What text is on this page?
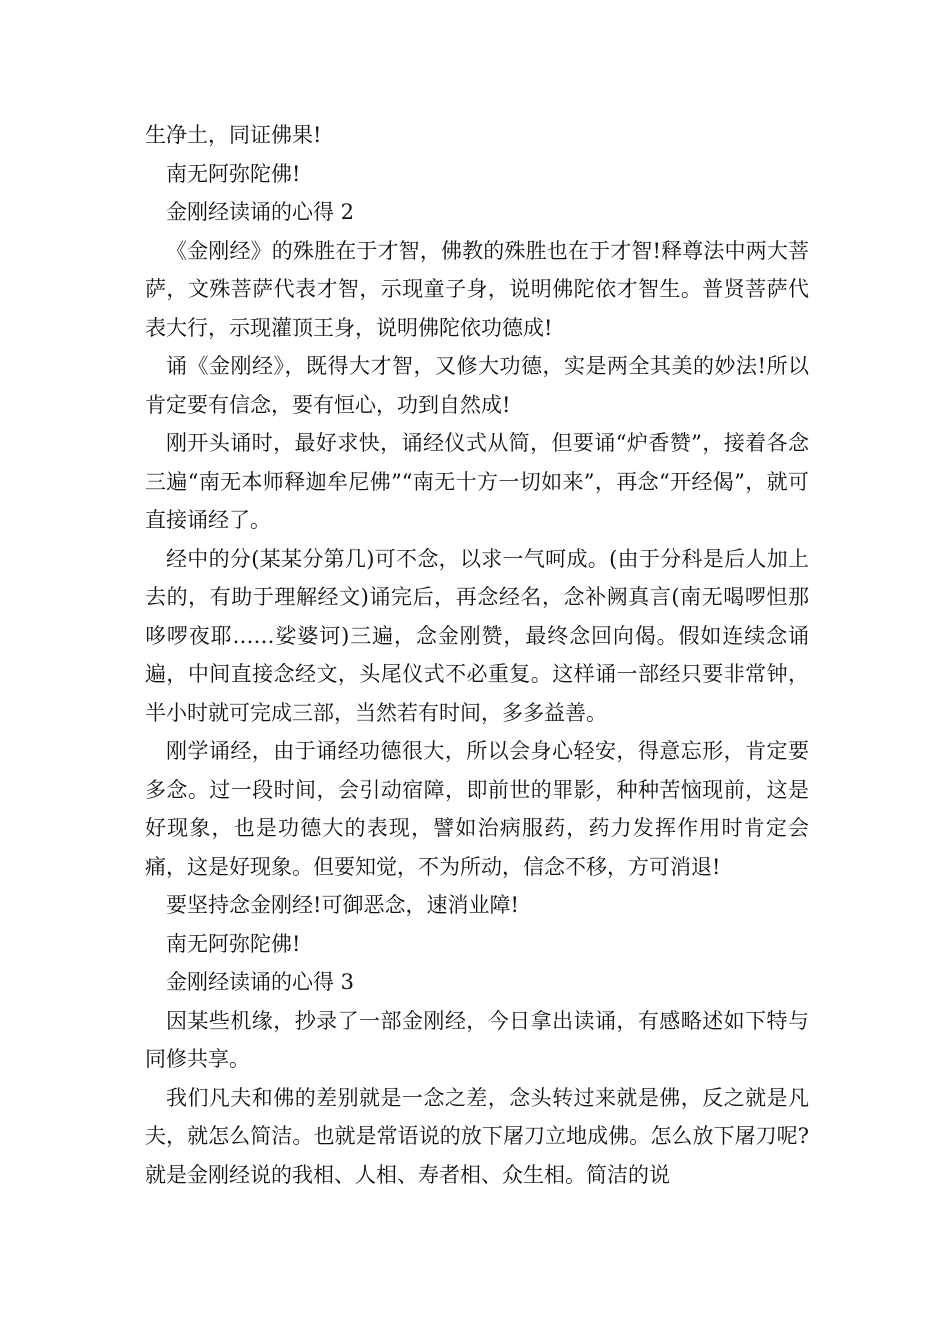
生净土，同证佛果!

南无阿弥陀佛!

金刚经读诵的心得 2

《金刚经》的殊胜在于才智，佛教的殊胜也在于才智!释尊法中两大菩萨，文殊菩萨代表才智，示现童子身，说明佛陀依才智生。普贤菩萨代表大行，示现灌顶王身，说明佛陀依功德成!

诵《金刚经》，既得大才智，又修大功德，实是两全其美的妙法!所以肯定要有信念，要有恒心，功到自然成!

刚开头诵时，最好求快，诵经仪式从简，但要诵“炉香赞”，接着各念三遍“南无本师释迦牟尼佛”“南无十方一切如来”，再念“开经偈”，就可直接诵经了。

经中的分(某某分第几)可不念，以求一气呵成。(由于分科是后人加上去的，有助于理解经文)诵完后，再念经名，念补阙真言(南无喝啰怛那哆啰夜耶……娑婆诃)三遍，念金刚赞，最终念回向偈。假如连续念诵遍，中间直接念经文，头尾仪式不必重复。这样诵一部经只要非常钟，半小时就可完成三部，当然若有时间，多多益善。

刚学诵经，由于诵经功德很大，所以会身心轻安，得意忘形，肯定要多念。过一段时间，会引动宿障，即前世的罪影，种种苦恼现前，这是好现象，也是功德大的表现，譬如治病服药，药力发挥作用时肯定会痛，这是好现象。但要知觉，不为所动，信念不移，方可消退!

要坚持念金刚经!可御恶念，速消业障!

南无阿弥陀佛!

金刚经读诵的心得 3

因某些机缘，抄录了一部金刚经，今日拿出读诵，有感略述如下特与同修共享。

我们凡夫和佛的差别就是一念之差，念头转过来就是佛，反之就是凡夫，就怎么简洁。也就是常语说的放下屠刀立地成佛。怎么放下屠刀呢?就是金刚经说的我相、人相、寿者相、众生相。简洁的说
